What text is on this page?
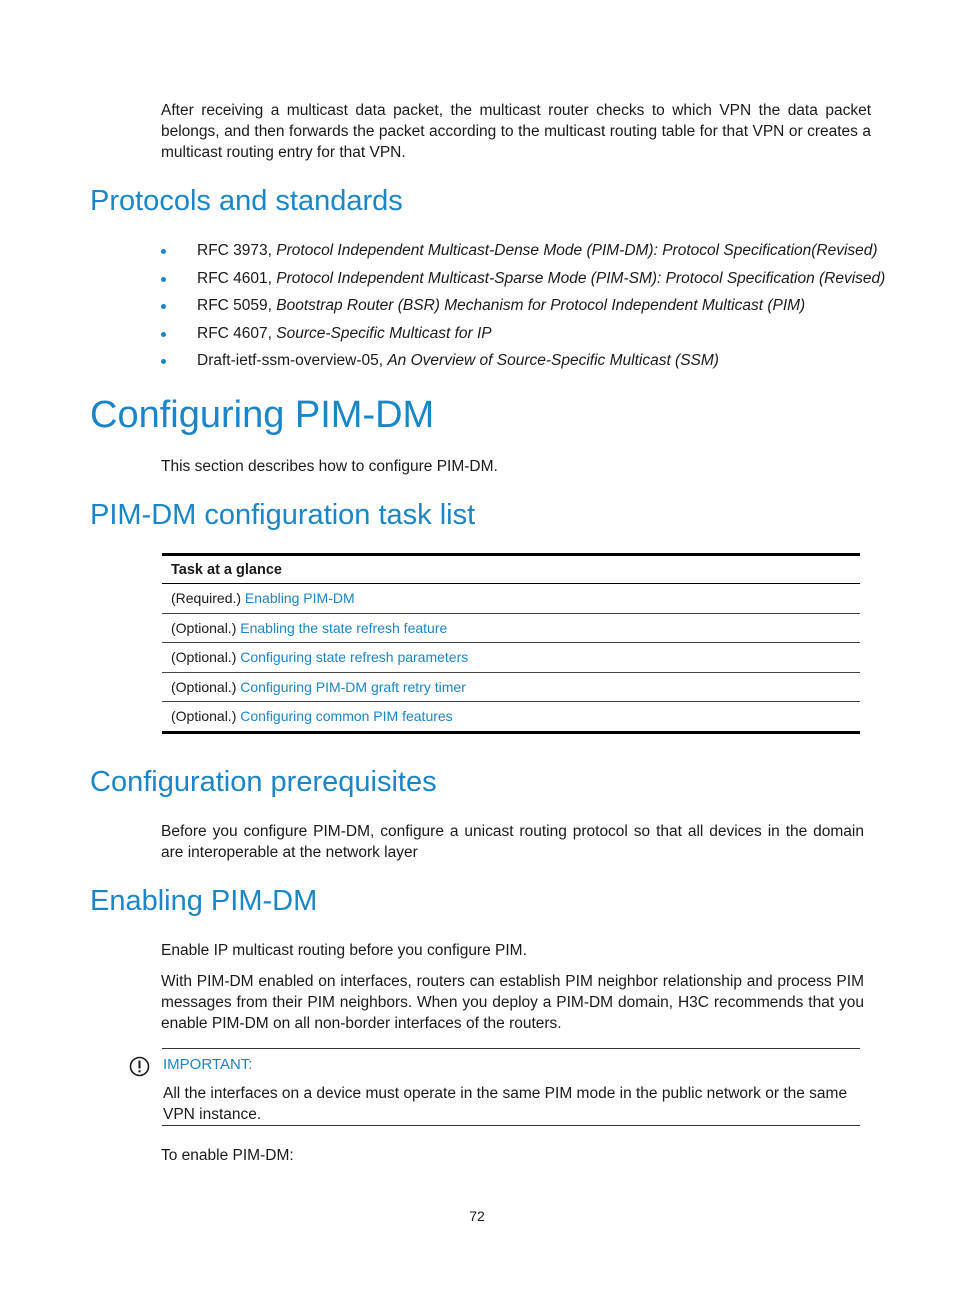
After receiving a multicast data packet, the multicast router checks to which VPN the data packet belongs, and then forwards the packet according to the multicast routing table for that VPN or creates a multicast routing entry for that VPN.

Protocols and standards
RFC 3973, Protocol Independent Multicast-Dense Mode (PIM-DM): Protocol Specification(Revised)
RFC 4601, Protocol Independent Multicast-Sparse Mode (PIM-SM): Protocol Specification (Revised)
RFC 5059, Bootstrap Router (BSR) Mechanism for Protocol Independent Multicast (PIM)
RFC 4607, Source-Specific Multicast for IP
Draft-ietf-ssm-overview-05, An Overview of Source-Specific Multicast (SSM)
Configuring PIM-DM

This section describes how to configure PIM-DM.

PIM-DM configuration task list
Task at a glance
(Required.) Enabling PIM-DM
(Optional.) Enabling the state refresh feature
(Optional.) Configuring state refresh parameters
(Optional.) Configuring PIM-DM graft retry timer
(Optional.) Configuring common PIM features
Configuration prerequisites

Before you configure PIM-DM, configure a unicast routing protocol so that all devices in the domain are interoperable at the network layer

Enabling PIM-DM

Enable IP multicast routing before you configure PIM.

With PIM-DM enabled on interfaces, routers can establish PIM neighbor relationship and process PIM messages from their PIM neighbors. When you deploy a PIM-DM domain, H3C recommends that you enable PIM-DM on all non-border interfaces of the routers.

IMPORTANT:

All the interfaces on a device must operate in the same PIM mode in the public network or the same VPN instance.

To enable PIM-DM:

72
